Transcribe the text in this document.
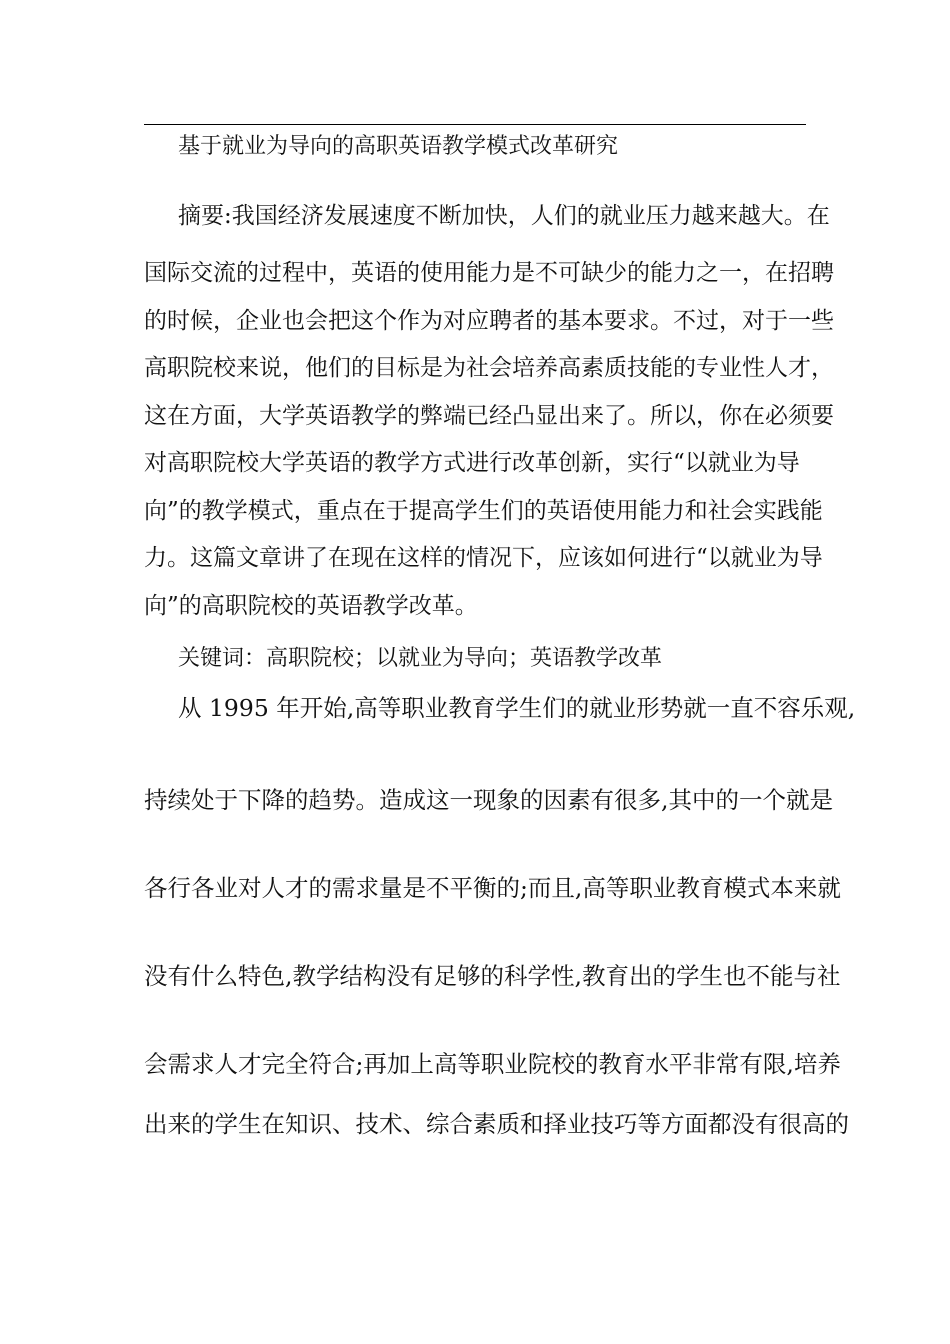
基于就业为导向的高职英语教学模式改革研究
摘要:我国经济发展速度不断加快，人们的就业压力越来越大。在
国际交流的过程中，英语的使用能力是不可缺少的能力之一，在招聘
的时候，企业也会把这个作为对应聘者的基本要求。不过，对于一些
高职院校来说，他们的目标是为社会培养高素质技能的专业性人才，
这在方面，大学英语教学的弊端已经凸显出来了。所以，你在必须要
对高职院校大学英语的教学方式进行改革创新，实行“以就业为导
向”的教学模式，重点在于提高学生们的英语使用能力和社会实践能
力。这篇文章讲了在现在这样的情况下，应该如何进行“以就业为导
向”的高职院校的英语教学改革。
关键词：高职院校；以就业为导向；英语教学改革
从 1995 年开始,高等职业教育学生们的就业形势就一直不容乐观,
持续处于下降的趋势。造成这一现象的因素有很多,其中的一个就是
各行各业对人才的需求量是不平衡的;而且,高等职业教育模式本来就
没有什么特色,教学结构没有足够的科学性,教育出的学生也不能与社
会需求人才完全符合;再加上高等职业院校的教育水平非常有限,培养
出来的学生在知识、技术、综合素质和择业技巧等方面都没有很高的
